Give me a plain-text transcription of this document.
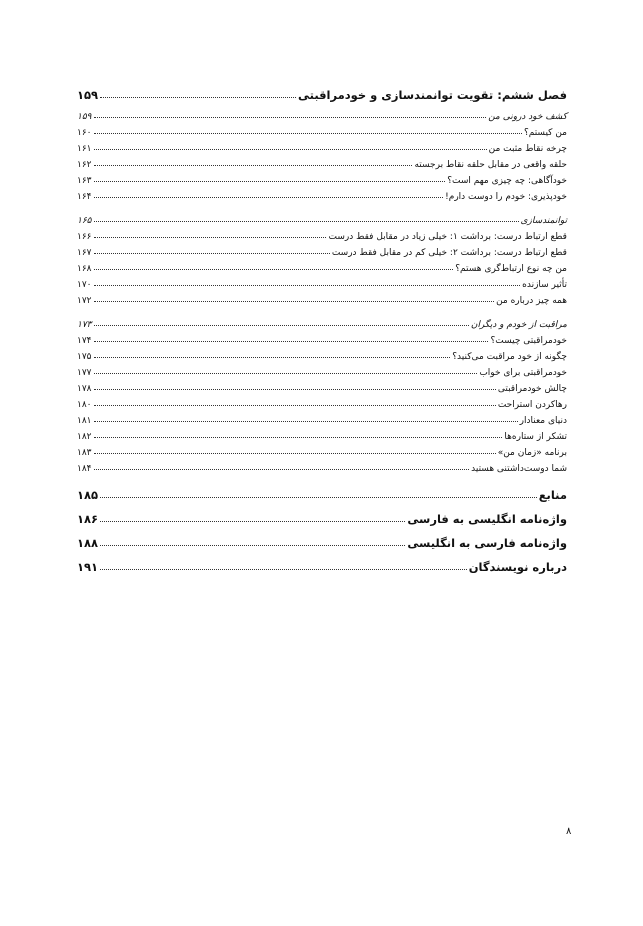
فصل ششم: تقویت توانمندسازی و خودمراقبتی
۱۵۹
کشف خود درونی من
۱۵۹
من کیستم؟
۱۶۰
چرخه نقاط مثبت من
۱۶۱
حلقه واقعی در مقابل حلقه نقاط برجسته
۱۶۲
خودآگاهی: چه چیزی مهم است؟
۱۶۳
خودپذیری: خودم را دوست دارم!
۱۶۴
توانمندسازی
۱۶۵
قطع ارتباط درست: برداشت ۱: خیلی زیاد در مقابل فقط درست
۱۶۶
قطع ارتباط درست: برداشت ۲: خیلی کم در مقابل فقط درست
۱۶۷
من چه نوع ارتباط‌گری هستم؟
۱۶۸
تأثیر سازنده
۱۷۰
همه چیز درباره من
۱۷۲
مراقبت از خودم و دیگران
۱۷۳
خودمراقبتی چیست؟
۱۷۴
چگونه از خود مراقبت می‌کنید؟
۱۷۵
خودمراقبتی برای خواب
۱۷۷
چالش خودمراقبتی
۱۷۸
رهاکردن استراحت
۱۸۰
دنیای معنادار
۱۸۱
تشکر از ستاره‌ها
۱۸۲
برنامه «زمان من»
۱۸۳
شما دوست‌داشتنی هستید
۱۸۴
منابع
۱۸۵
واژه‌نامه انگلیسی به فارسی
۱۸۶
واژه‌نامه فارسی به انگلیسی
۱۸۸
درباره نویسندگان
۱۹۱
۸
